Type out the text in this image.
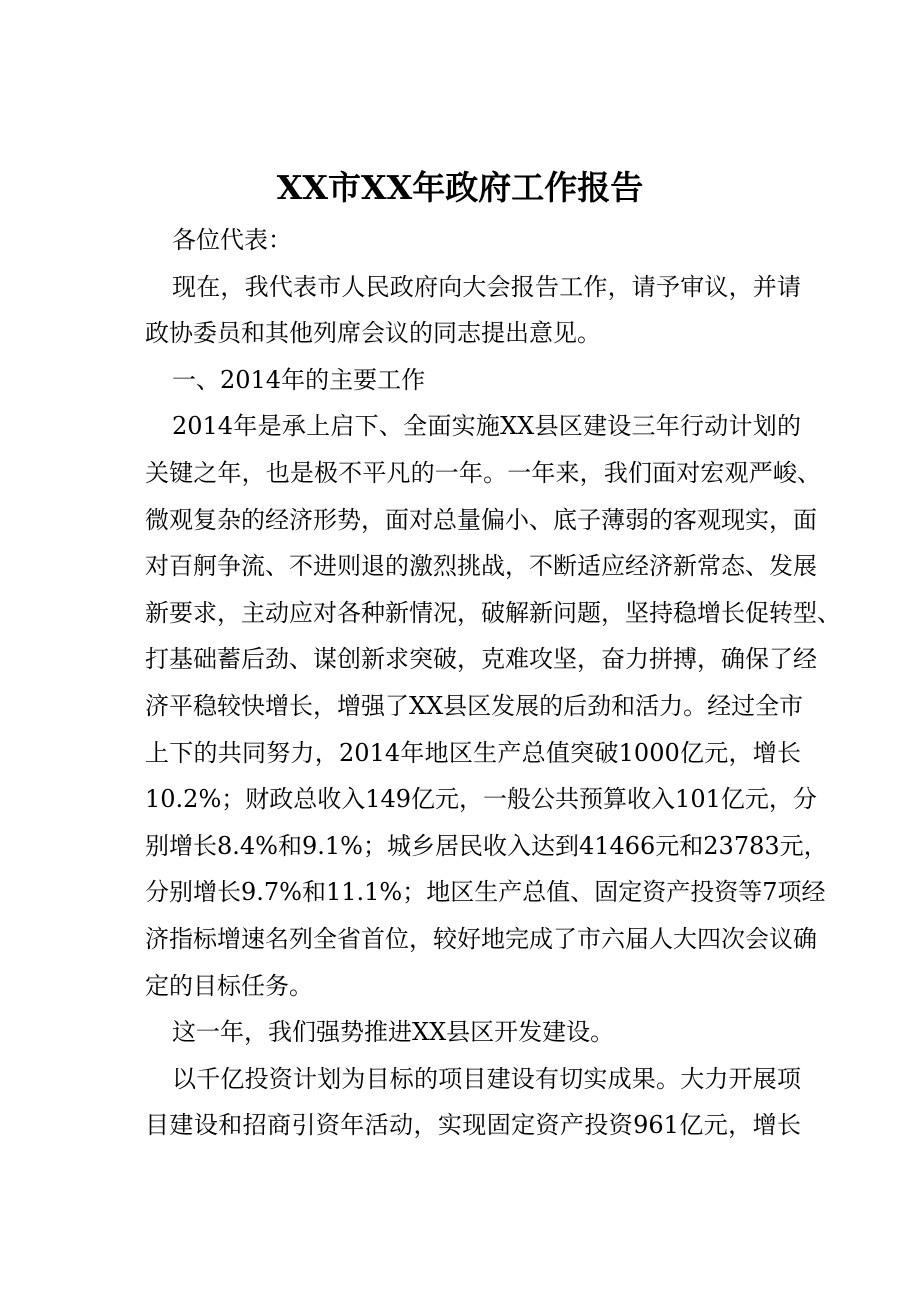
XX市XX年政府工作报告
各位代表：
现在，我代表市人民政府向大会报告工作，请予审议，并请
政协委员和其他列席会议的同志提出意见。
一、2014年的主要工作
2014年是承上启下、全面实施XX县区建设三年行动计划的
关键之年，也是极不平凡的一年。一年来，我们面对宏观严峻、
微观复杂的经济形势，面对总量偏小、底子薄弱的客观现实，面
对百舸争流、不进则退的激烈挑战，不断适应经济新常态、发展
新要求，主动应对各种新情况，破解新问题，坚持稳增长促转型、
打基础蓄后劲、谋创新求突破，克难攻坚，奋力拼搏，确保了经
济平稳较快增长，增强了XX县区发展的后劲和活力。经过全市
上下的共同努力，2014年地区生产总值突破1000亿元，增长
10.2%；财政总收入149亿元，一般公共预算收入101亿元，分
别增长8.4%和9.1%；城乡居民收入达到41466元和23783元，
分别增长9.7%和11.1%；地区生产总值、固定资产投资等7项经
济指标增速名列全省首位，较好地完成了市六届人大四次会议确
定的目标任务。
这一年，我们强势推进XX县区开发建设。
以千亿投资计划为目标的项目建设有切实成果。大力开展项
目建设和招商引资年活动，实现固定资产投资961亿元，增长
